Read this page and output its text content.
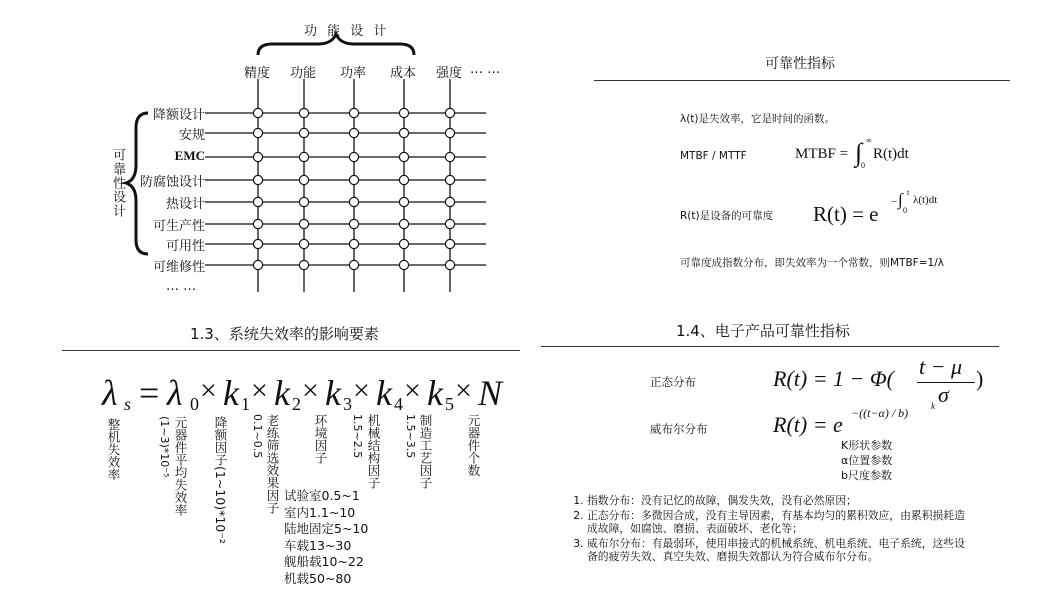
功 能 设 计
精度 功能 功率 成本 强度 … …
可靠性设计
降额设计
安规
EMC
防腐蚀设计
热设计
可生产性
可用性
可维修性
… …
可靠性指标
λ(t)是失效率，它是时间的函数。
MTBF / MTTF	MTBF = ∫ ∞
0
R(t)dt
R(t)是设备的可靠度 R(t) = e − ∫ t
0
λ(t)dt
可靠度成指数分布，即失效率为一个常数，则MTBF=1/λ
1.3、系统失效率的影响要素
λ s = λ 0 × k 1 × k 2 × k 3 × k 4 × k 5 × N
整机失效率	(1~3)*10⁻⁵ 元器件平均失效率 降额因子(1~10)*10⁻² 0.1~0.5 老练筛选效果因子	环境因子 1.5~2.5 机械结构因子 1.5~3.5 制造工艺因子	元器件个数
试验室0.5~1
室内1.1~10
陆地固定5~10
车载13~30
舰船载10~22
机载50~80
1.4、电子产品可靠性指标
正态分布	R(t) = 1 − Φ( t − μ
σ
)
威布尔分布	R(t) = e −((t−α) / b)	k
K形状参数
α位置参数
b尺度参数
1. 指数分布：没有记忆的故障，偶发失效，没有必然原因；
2. 正态分布：多微因合成，没有主导因素，有基本均匀的累积效应，由累积损耗造成故障，如腐蚀、磨损、表面破坏、老化等；
3. 威布尔分布：有最弱环，使用串接式的机械系统、机电系统、电子系统，这些设备的疲劳失效、真空失效、磨损失效都认为符合威布尔分布。
